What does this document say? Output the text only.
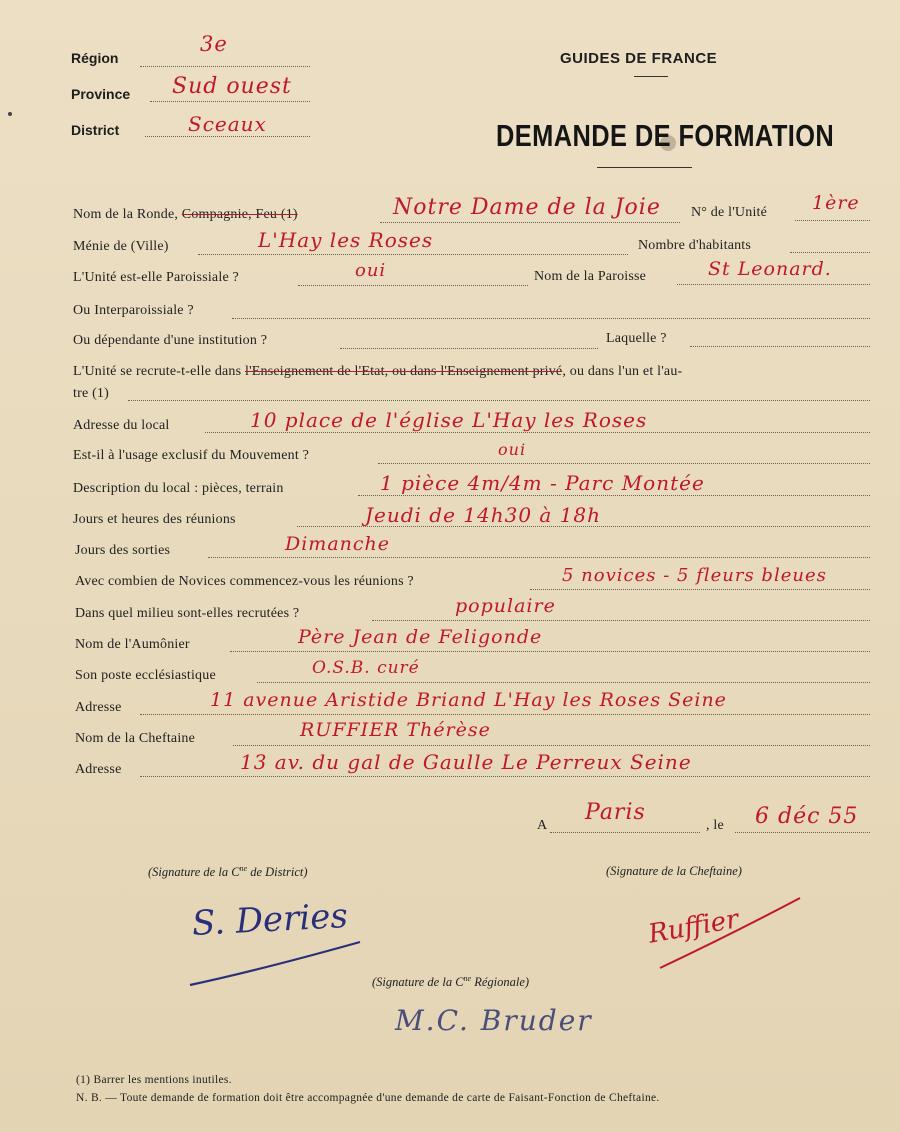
Région
3e
Province Sud ouest
District	Sceaux
GUIDES DE FRANCE
DEMANDE DE FORMATION
Nom de la Ronde, Compagnie, Feu (1)	Notre Dame de la Joie N° de l'Unité 1ère
Ménie de (Ville)	L'Hay les Roses	Nombre d'habitants
L'Unité est-elle Paroissiale ?	oui	Nom de la Paroisse	St Leonard.
Ou Interparoissiale ?
Ou dépendante d'une institution ?	Laquelle ?
L'Unité se recrute-t-elle dans l'Enseignement de l'Etat, ou dans l'Enseignement privé, ou dans l'un et l'au-
tre (1)
Adresse du local	10 place de l'église L'Hay les Roses
Est-il à l'usage exclusif du Mouvement ?	oui
Description du local : pièces, terrain	1 pièce 4m/4m - Parc Montée
Jours et heures des réunions	Jeudi de 14h30 à 18h
Jours des sorties	Dimanche
Avec combien de Novices commencez-vous les réunions ?	5 novices - 5 fleurs bleues
Dans quel milieu sont-elles recrutées ?	populaire
Nom de l'Aumônier	Père Jean de Feligonde
Son poste ecclésiastique	O.S.B. curé
Adresse	11 avenue Aristide Briand L'Hay les Roses Seine
Nom de la Cheftaine	RUFFIER Thérèse
Adresse	13 av. du gal de Gaulle Le Perreux Seine
A
Paris
, le 6 déc 55
(Signature de la $C^{ne}$ de District)	(Signature de la Cheftaine)
S. Deries	Ruffier
(Signature de la $C^{ne}$ Régionale)
M.C. Bruder
(1) Barrer les mentions inutiles.
N. B. — Toute demande de formation doit être accompagnée d'une demande de carte de Faisant-Fonction de Cheftaine.
